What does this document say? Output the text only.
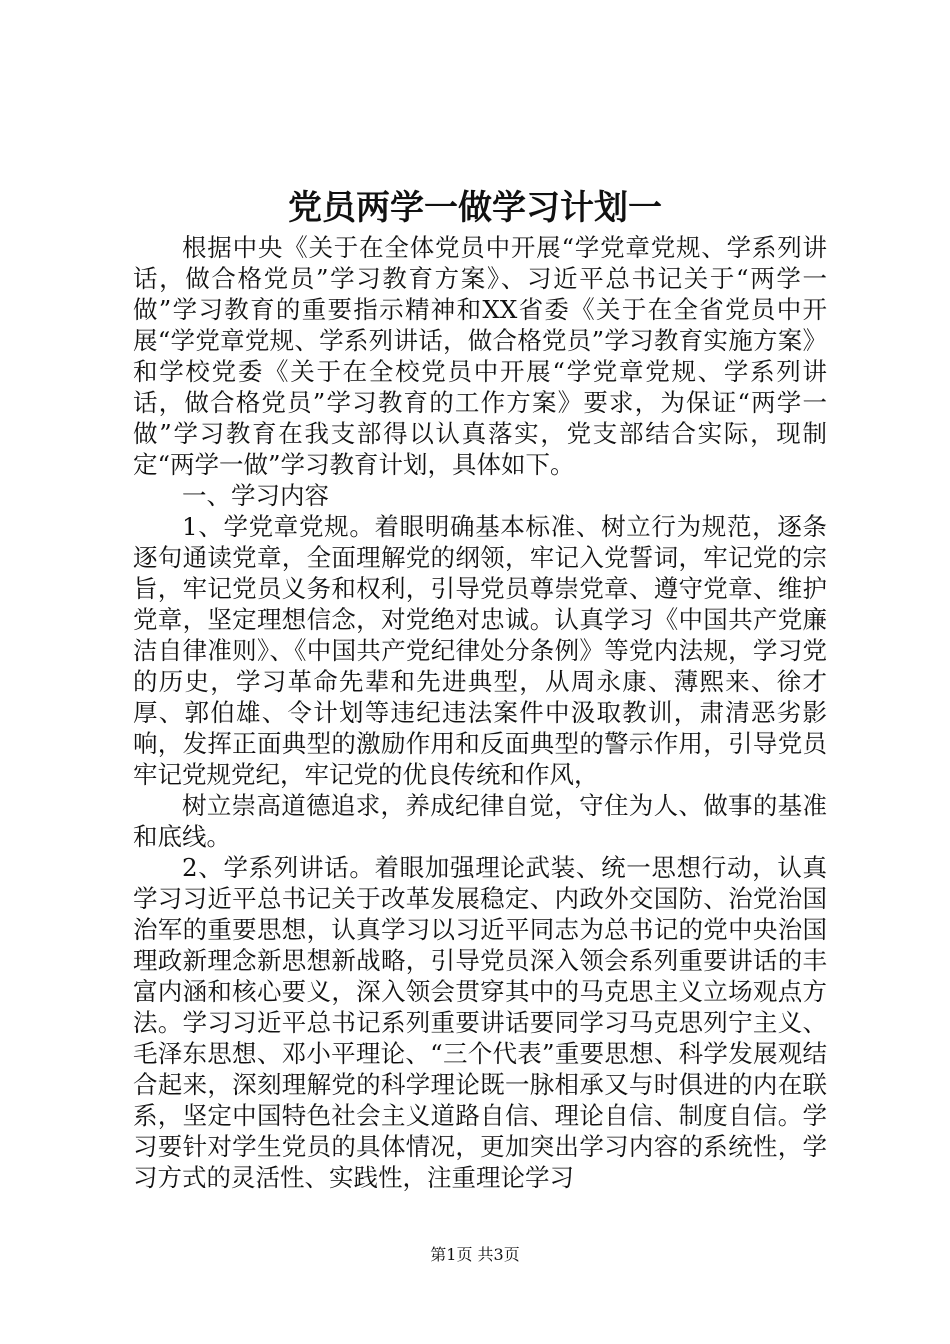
党员两学一做学习计划一

根据中央《关于在全体党员中开展“学党章党规、学系列讲话，做合格党员”学习教育方案》、习近平总书记关于“两学一做”学习教育的重要指示精神和XX省委《关于在全省党员中开展“学党章党规、学系列讲话，做合格党员”学习教育实施方案》和学校党委《关于在全校党员中开展“学党章党规、学系列讲话，做合格党员”学习教育的工作方案》要求，为保证“两学一做”学习教育在我支部得以认真落实，党支部结合实际，现制定“两学一做”学习教育计划，具体如下。

一、学习内容

1、学党章党规。着眼明确基本标准、树立行为规范，逐条逐句通读党章，全面理解党的纲领，牢记入党誓词，牢记党的宗旨，牢记党员义务和权利，引导党员尊崇党章、遵守党章、维护党章，坚定理想信念，对党绝对忠诚。认真学习《中国共产党廉洁自律准则》、《中国共产党纪律处分条例》等党内法规，学习党的历史，学习革命先辈和先进典型，从周永康、薄熙来、徐才厚、郭伯雄、令计划等违纪违法案件中汲取教训，肃清恶劣影响，发挥正面典型的激励作用和反面典型的警示作用，引导党员牢记党规党纪，牢记党的优良传统和作风，

树立崇高道德追求，养成纪律自觉，守住为人、做事的基准和底线。

2、学系列讲话。着眼加强理论武装、统一思想行动，认真学习习近平总书记关于改革发展稳定、内政外交国防、治党治国治军的重要思想，认真学习以习近平同志为总书记的党中央治国理政新理念新思想新战略，引导党员深入领会系列重要讲话的丰富内涵和核心要义，深入领会贯穿其中的马克思主义立场观点方法。学习习近平总书记系列重要讲话要同学习马克思列宁主义、毛泽东思想、邓小平理论、“三个代表”重要思想、科学发展观结合起来，深刻理解党的科学理论既一脉相承又与时俱进的内在联系，坚定中国特色社会主义道路自信、理论自信、制度自信。学习要针对学生党员的具体情况，更加突出学习内容的系统性，学习方式的灵活性、实践性，注重理论学习

第1页 共3页
